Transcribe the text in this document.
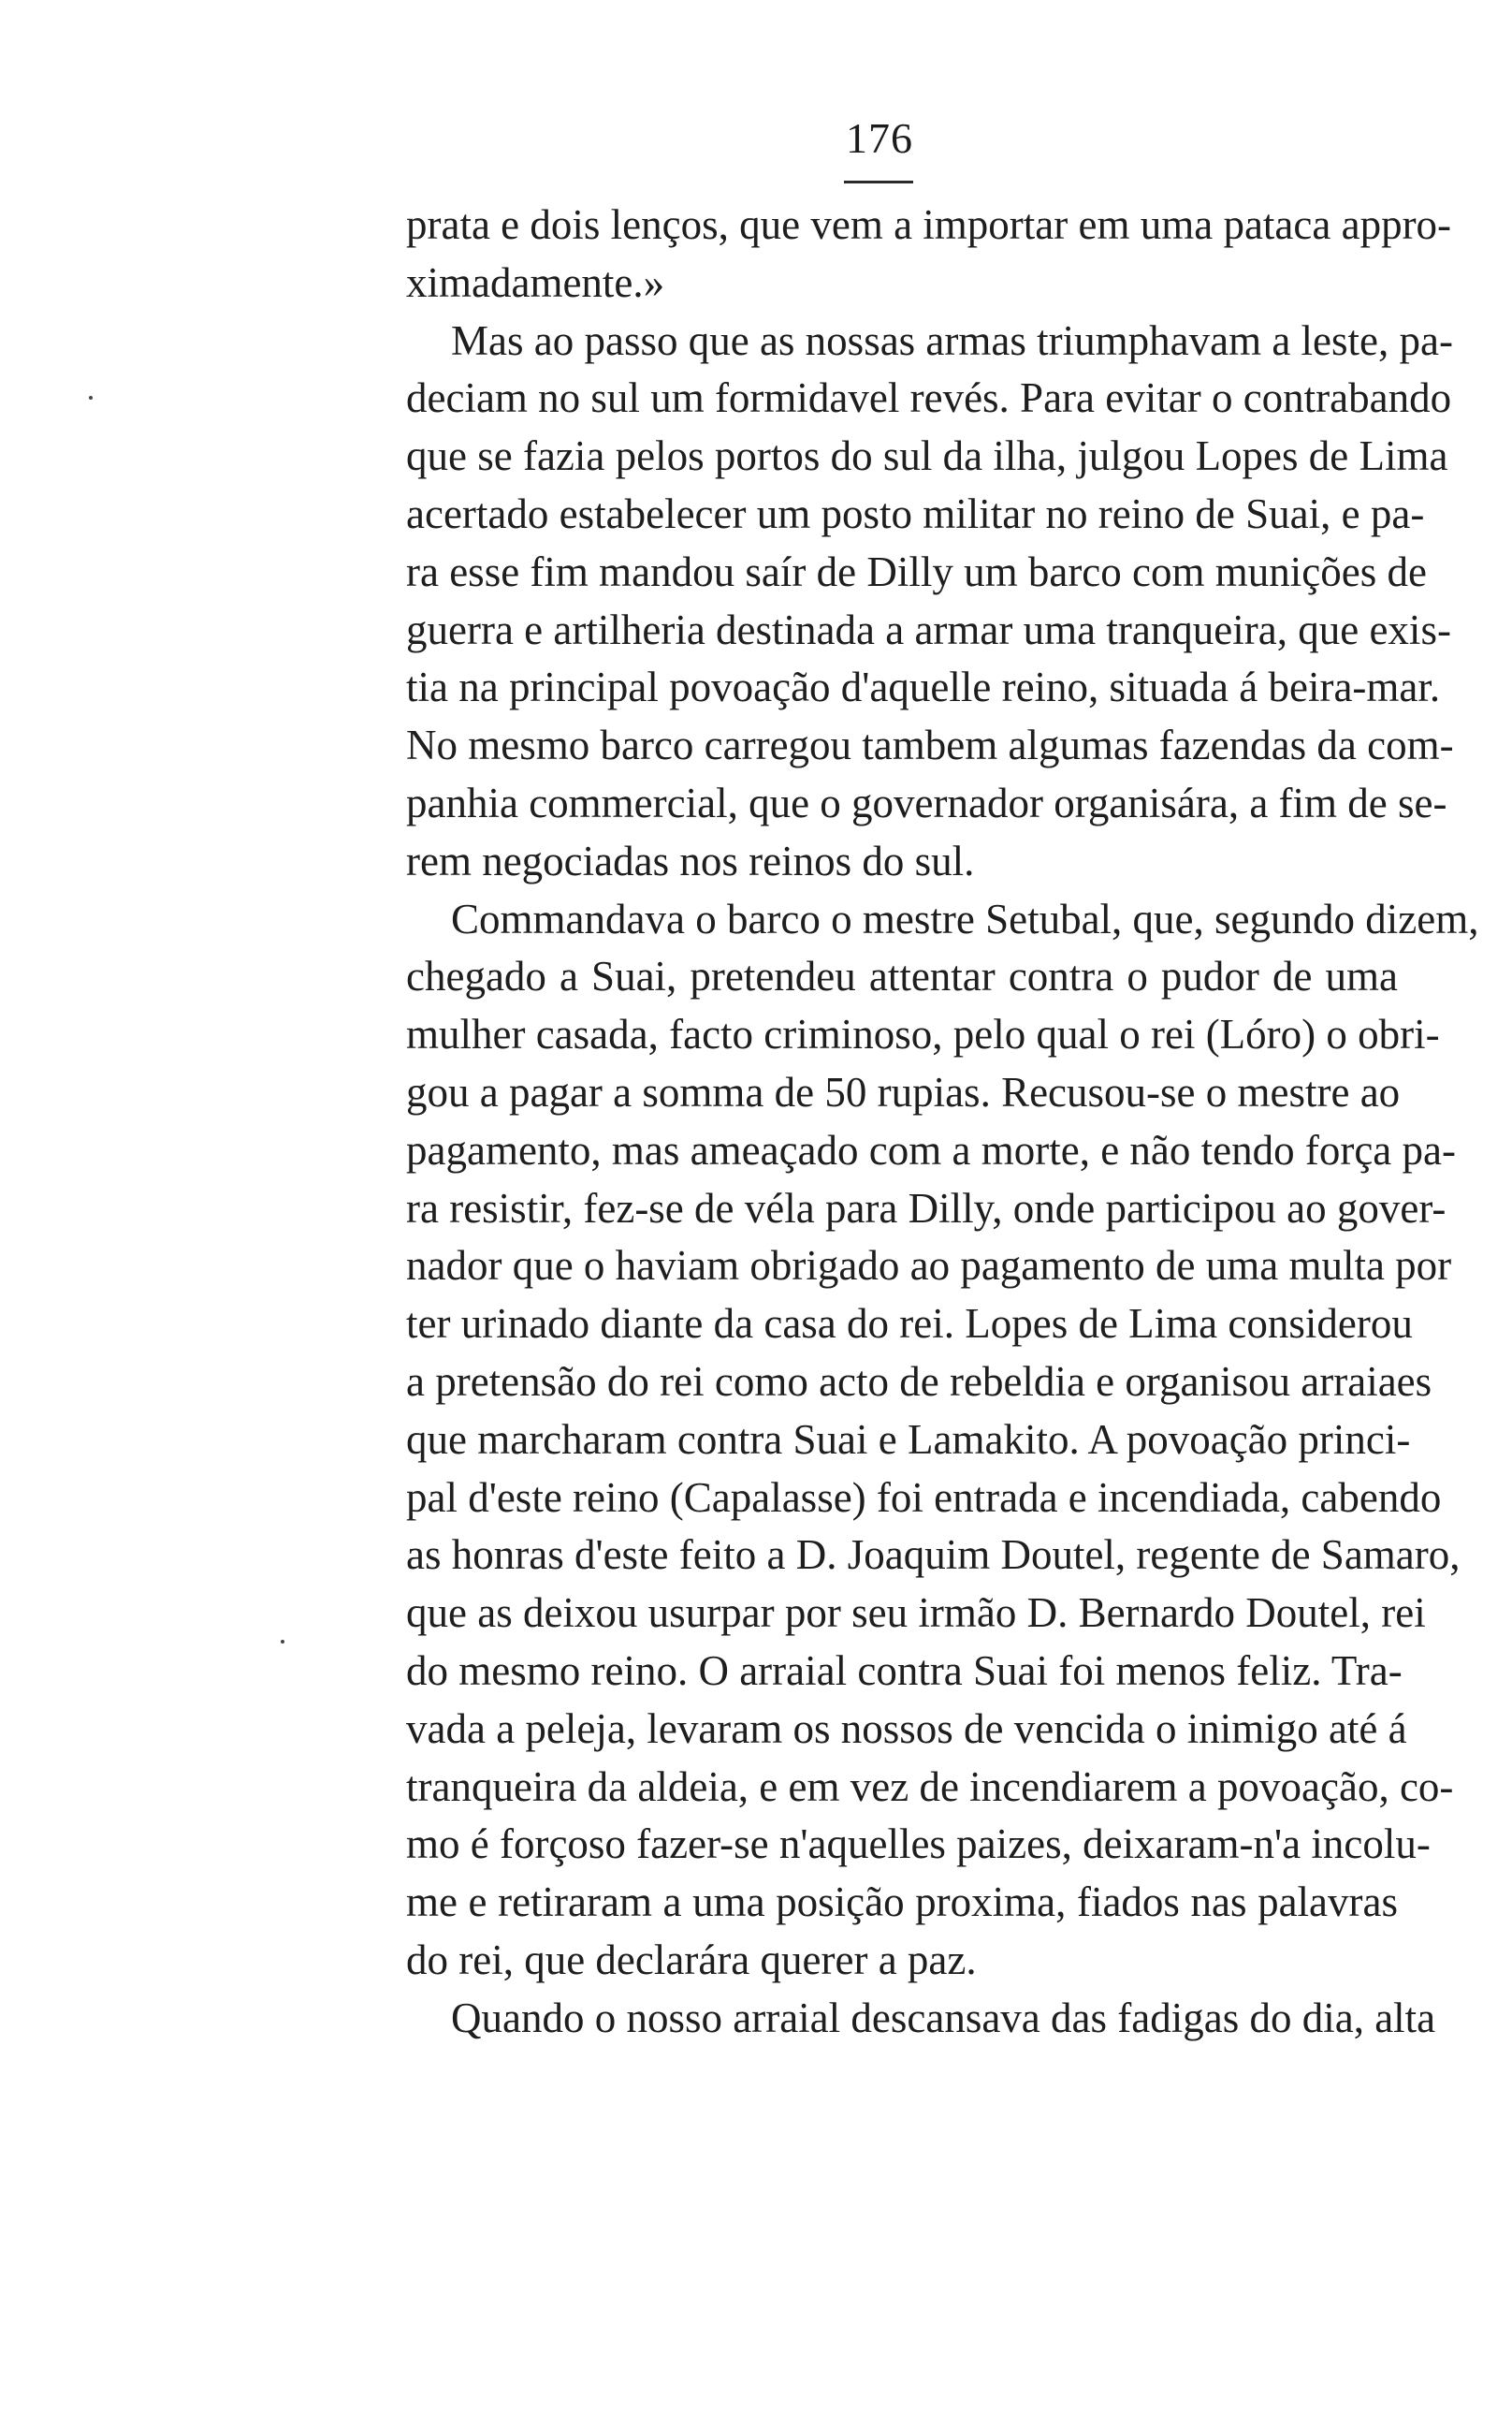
176
prata e dois lenços, que vem a importar em uma pataca appro-
ximadamente.»
Mas ao passo que as nossas armas triumphavam a leste, pa-
deciam no sul um formidavel revés. Para evitar o contrabando
que se fazia pelos portos do sul da ilha, julgou Lopes de Lima
acertado estabelecer um posto militar no reino de Suai, e pa-
ra esse fim mandou saír de Dilly um barco com munições de
guerra e artilheria destinada a armar uma tranqueira, que exis-
tia na principal povoação d'aquelle reino, situada á beira-mar.
No mesmo barco carregou tambem algumas fazendas da com-
panhia commercial, que o governador organisára, a fim de se-
rem negociadas nos reinos do sul.
Commandava o barco o mestre Setubal, que, segundo dizem,
chegado a Suai, pretendeu attentar contra o pudor de uma
mulher casada, facto criminoso, pelo qual o rei (Lóro) o obri-
gou a pagar a somma de 50 rupias. Recusou-se o mestre ao
pagamento, mas ameaçado com a morte, e não tendo força pa-
ra resistir, fez-se de véla para Dilly, onde participou ao gover-
nador que o haviam obrigado ao pagamento de uma multa por
ter urinado diante da casa do rei. Lopes de Lima considerou
a pretensão do rei como acto de rebeldia e organisou arraiaes
que marcharam contra Suai e Lamakito. A povoação princi-
pal d'este reino (Capalasse) foi entrada e incendiada, cabendo
as honras d'este feito a D. Joaquim Doutel, regente de Samaro,
que as deixou usurpar por seu irmão D. Bernardo Doutel, rei
do mesmo reino. O arraial contra Suai foi menos feliz. Tra-
vada a peleja, levaram os nossos de vencida o inimigo até á
tranqueira da aldeia, e em vez de incendiarem a povoação, co-
mo é forçoso fazer-se n'aquelles paizes, deixaram-n'a incolu-
me e retiraram a uma posição proxima, fiados nas palavras
do rei, que declarára querer a paz.
Quando o nosso arraial descansava das fadigas do dia, alta
